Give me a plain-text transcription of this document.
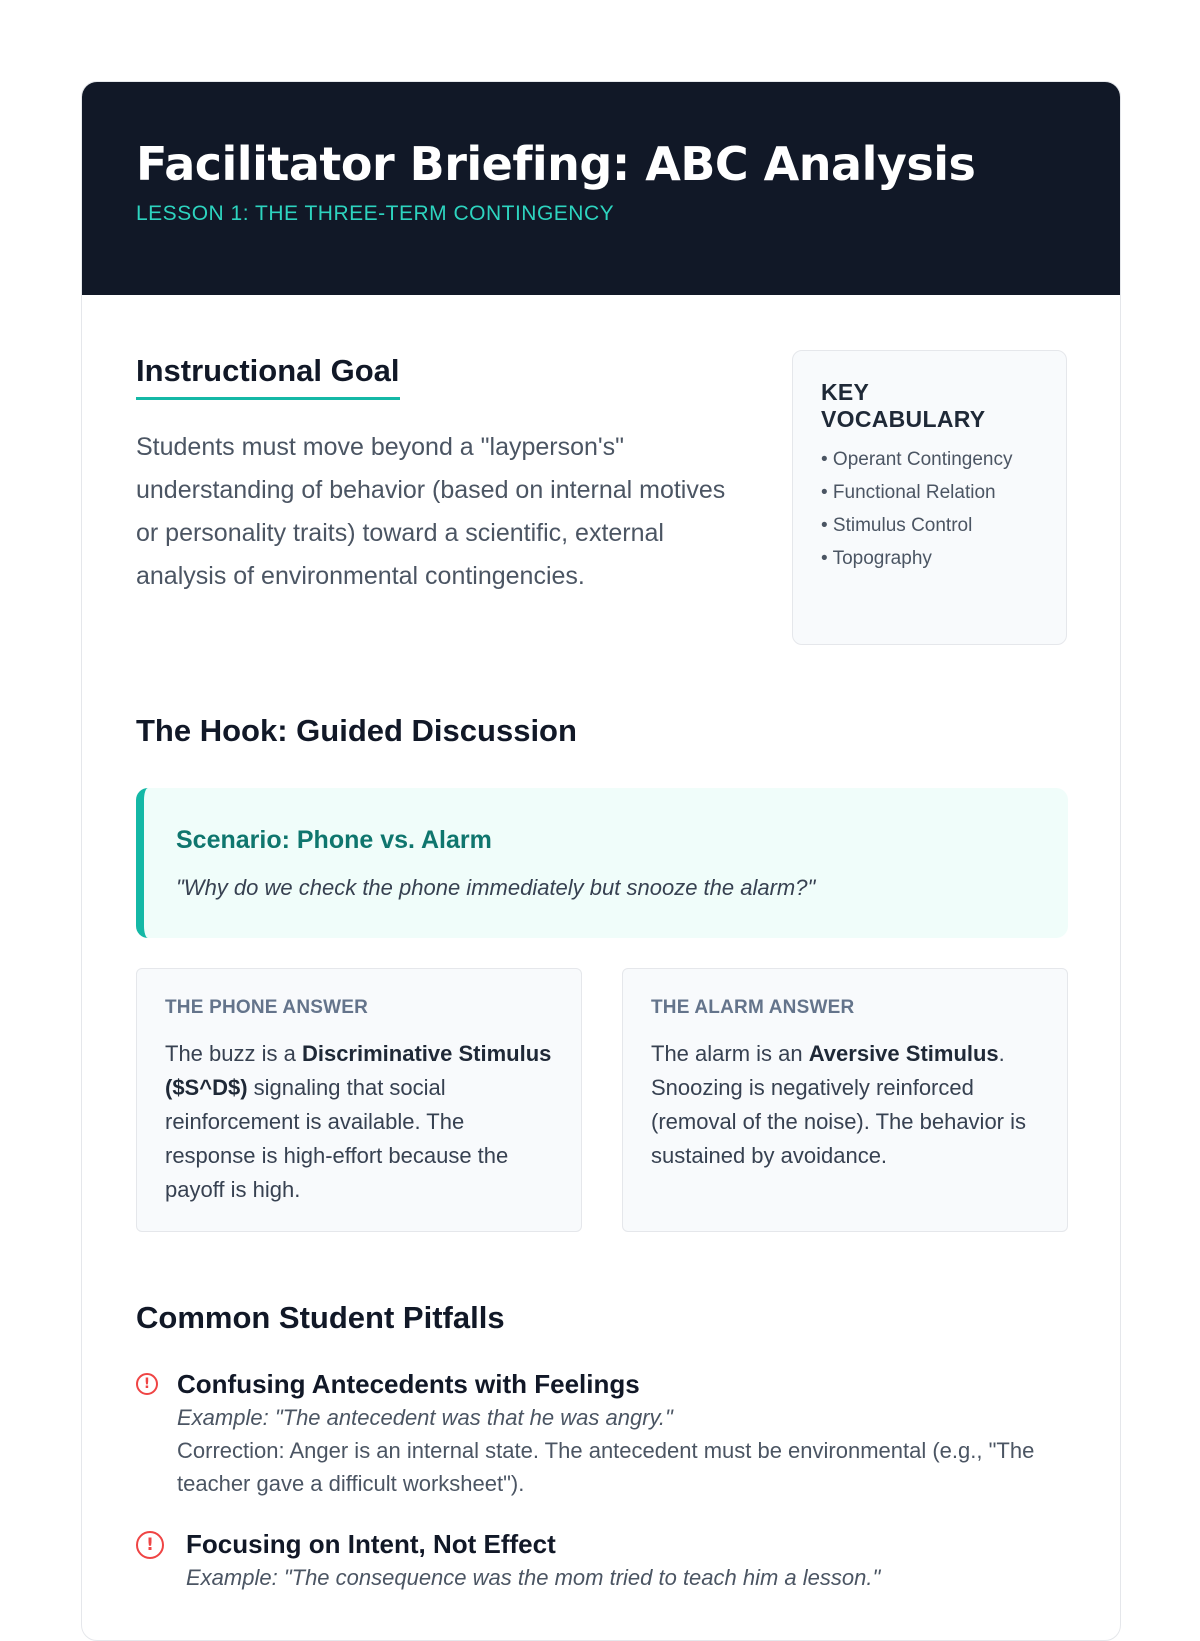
Facilitator Briefing: ABC Analysis
LESSON 1: THE THREE-TERM CONTINGENCY
Instructional Goal

Students must move beyond a "layperson's" understanding of behavior (based on internal motives or personality traits) toward a scientific, external analysis of environmental contingencies.

KEY VOCABULARY
• Operant Contingency
• Functional Relation
• Stimulus Control
• Topography
The Hook: Guided Discussion
Scenario: Phone vs. Alarm

"Why do we check the phone immediately but snooze the alarm?"

THE PHONE ANSWER

The buzz is a Discriminative Stimulus ($S^D$) signaling that social reinforcement is available. The response is high-effort because the payoff is high.

THE ALARM ANSWER

The alarm is an Aversive Stimulus. Snoozing is negatively reinforced (removal of the noise). The behavior is sustained by avoidance.

Common Student Pitfalls
!	Confusing Antecedents with Feelings
Example: "The antecedent was that he was angry."
Correction: Anger is an internal state. The antecedent must be environmental (e.g., "The teacher gave a difficult worksheet").
!	Focusing on Intent, Not Effect
Example: "The consequence was the mom tried to teach him a lesson."
